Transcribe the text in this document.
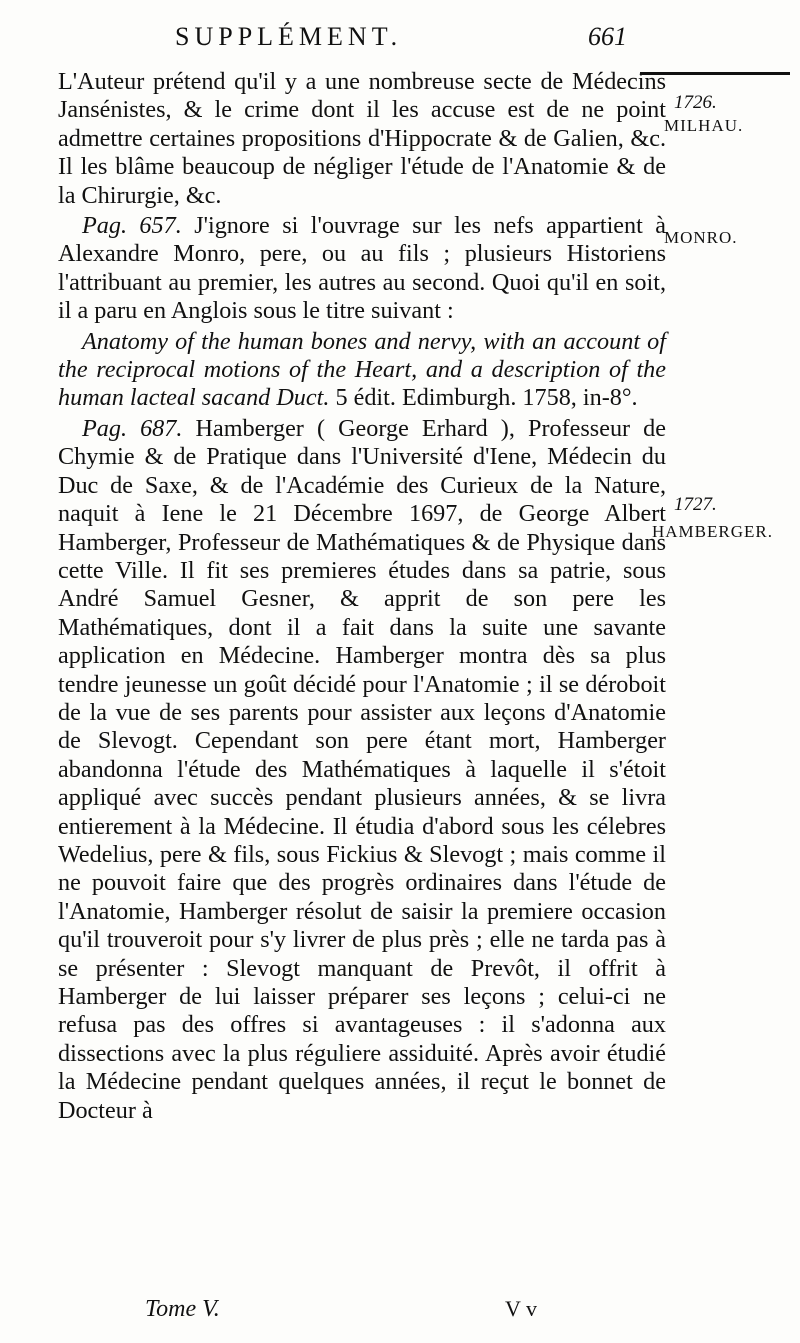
SUPPLÉMENT.	661

L'Auteur prétend qu'il y a une nombreuse secte de Médecins Jansénistes, & le crime dont il les accuse est de ne point admettre certaines propositions d'Hippocrate & de Galien, &c. Il les blâme beaucoup de négliger l'étude de l'Anatomie & de la Chirurgie, &c.

Pag. 657. J'ignore si l'ouvrage sur les nefs appartient à Alexandre Monro, pere, ou au fils ; plusieurs Historiens l'attribuant au premier, les autres au second. Quoi qu'il en soit, il a paru en Anglois sous le titre suivant :

Anatomy of the human bones and nervy, with an account of the reciprocal motions of the Heart, and a description of the human lacteal sacand Duct. 5 édit. Edimburgh. 1758, in-8°.

Pag. 687. Hamberger ( George Erhard ), Professeur de Chymie & de Pratique dans l'Université d'Iene, Médecin du Duc de Saxe, & de l'Académie des Curieux de la Nature, naquit à Iene le 21 Décembre 1697, de George Albert Hamberger, Professeur de Mathématiques & de Physique dans cette Ville. Il fit ses premieres études dans sa patrie, sous André Samuel Gesner, & apprit de son pere les Mathématiques, dont il a fait dans la suite une savante application en Médecine. Hamberger montra dès sa plus tendre jeunesse un goût décidé pour l'Anatomie ; il se déroboit de la vue de ses parents pour assister aux leçons d'Anatomie de Slevogt. Cependant son pere étant mort, Hamberger abandonna l'étude des Mathématiques à laquelle il s'étoit appliqué avec succès pendant plusieurs années, & se livra entierement à la Médecine. Il étudia d'abord sous les célebres Wedelius, pere & fils, sous Fickius & Slevogt ; mais comme il ne pouvoit faire que des progrès ordinaires dans l'étude de l'Anatomie, Hamberger résolut de saisir la premiere occasion qu'il trouveroit pour s'y livrer de plus près ; elle ne tarda pas à se présenter : Slevogt manquant de Prevôt, il offrit à Hamberger de lui laisser préparer ses leçons ; celui-ci ne refusa pas des offres si avantageuses : il s'adonna aux dissections avec la plus réguliere assiduité. Après avoir étudié la Médecine pendant quelques années, il reçut le bonnet de Docteur à

1726.
MILHAU.
MONRO.
1727.
HAMBERGER.
Tome V.	V v
